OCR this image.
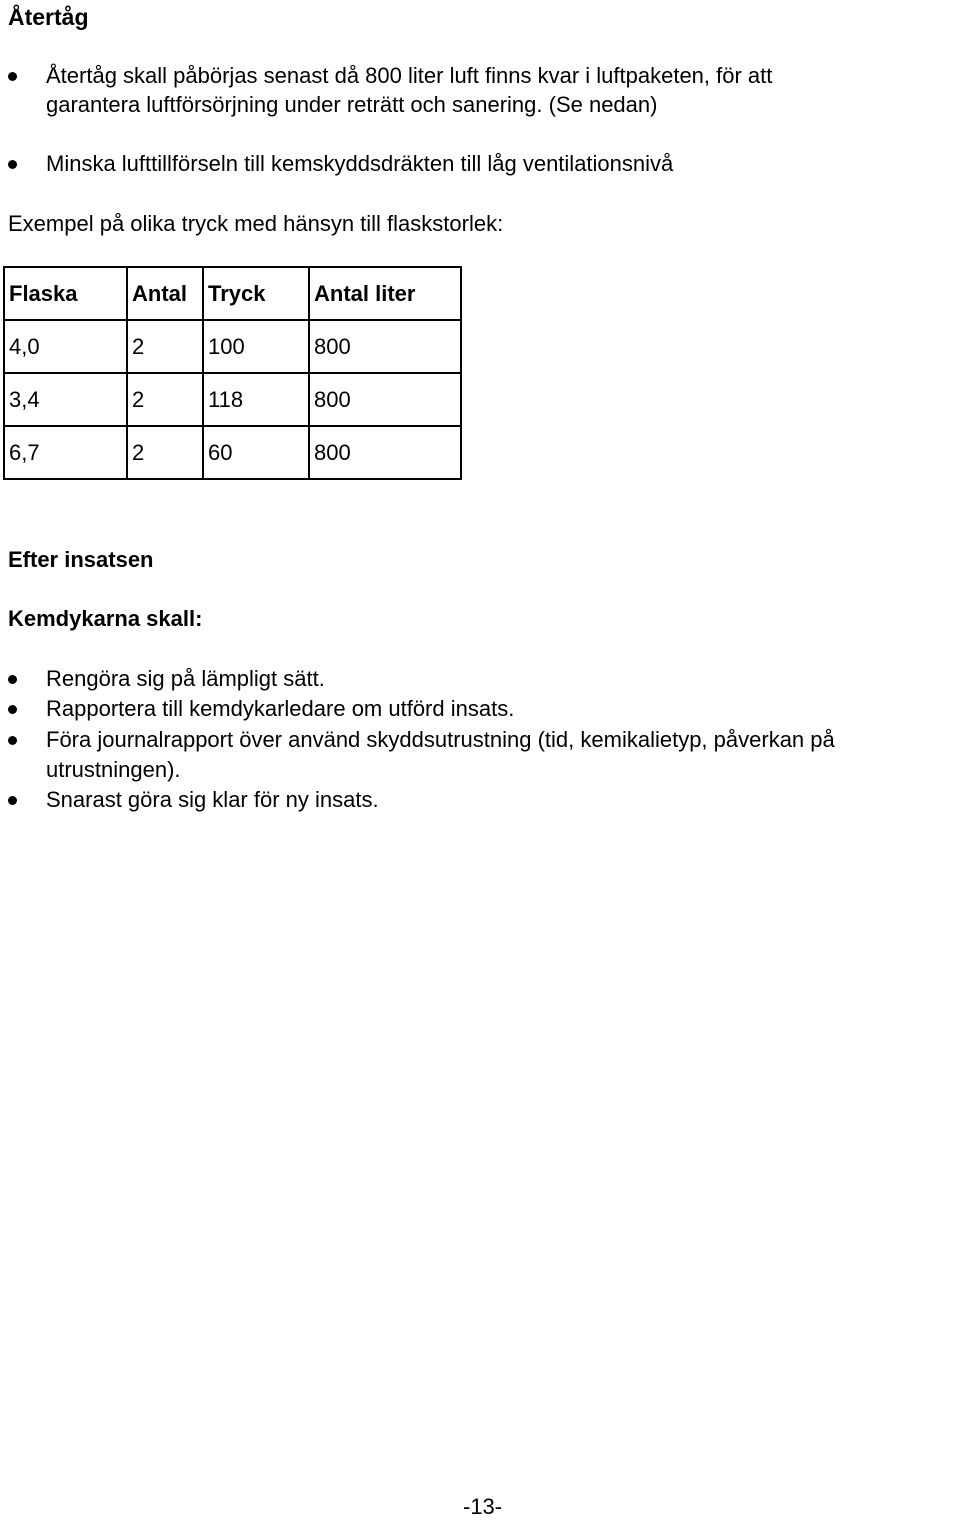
Återtåg
Återtåg skall påbörjas senast då 800 liter luft finns kvar i luftpaketen, för att
garantera luftförsörjning under reträtt och sanering. (Se nedan)
Minska lufttillförseln till kemskyddsdräkten till låg ventilationsnivå
Exempel på olika tryck med hänsyn till flaskstorlek:
Flaska	Antal	Tryck	Antal liter
4,0	2	100	800
3,4	2	118	800
6,7	2	60	800
Efter insatsen
Kemdykarna skall:
Rengöra sig på lämpligt sätt.
Rapportera till kemdykarledare om utförd insats.
Föra journalrapport över använd skyddsutrustning (tid, kemikalietyp, påverkan på
utrustningen).
Snarast göra sig klar för ny insats.
-13-
